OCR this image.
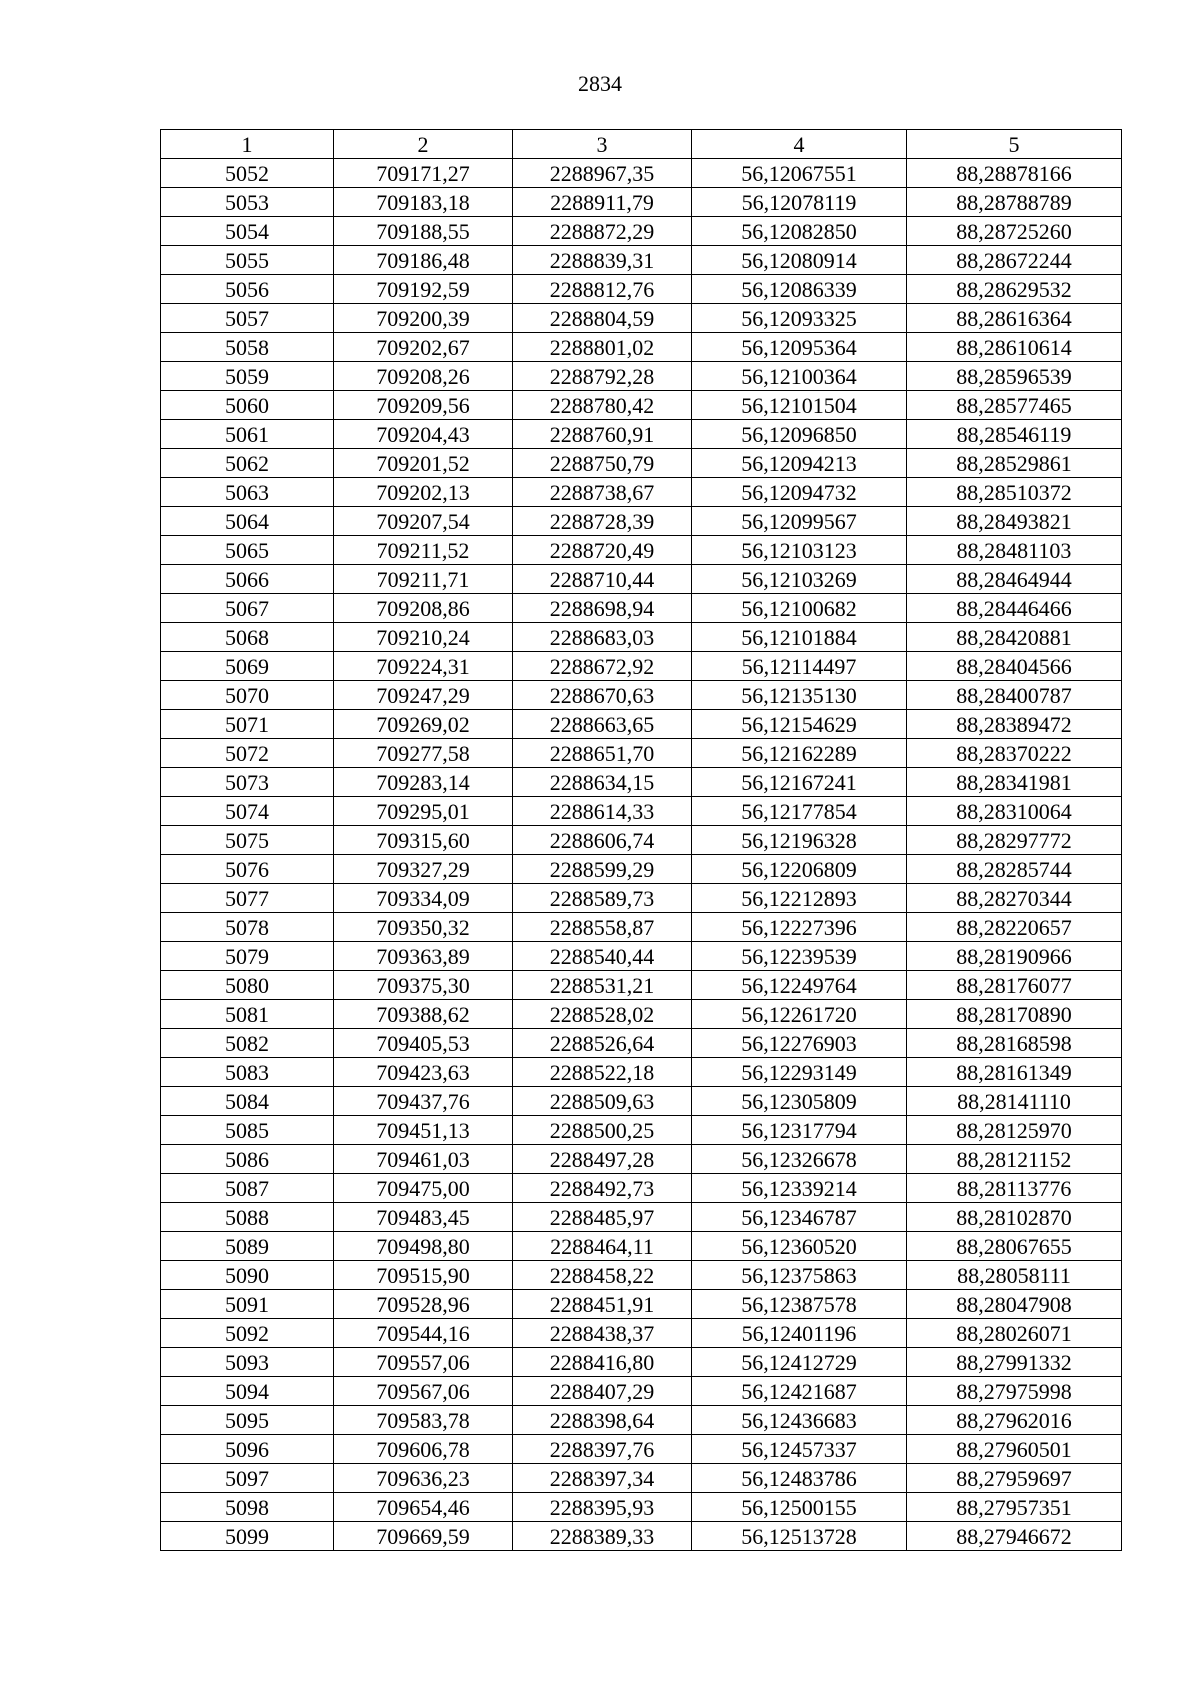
2834
1	2	3	4	5
5052	709171,27	2288967,35	56,12067551	88,28878166
5053	709183,18	2288911,79	56,12078119	88,28788789
5054	709188,55	2288872,29	56,12082850	88,28725260
5055	709186,48	2288839,31	56,12080914	88,28672244
5056	709192,59	2288812,76	56,12086339	88,28629532
5057	709200,39	2288804,59	56,12093325	88,28616364
5058	709202,67	2288801,02	56,12095364	88,28610614
5059	709208,26	2288792,28	56,12100364	88,28596539
5060	709209,56	2288780,42	56,12101504	88,28577465
5061	709204,43	2288760,91	56,12096850	88,28546119
5062	709201,52	2288750,79	56,12094213	88,28529861
5063	709202,13	2288738,67	56,12094732	88,28510372
5064	709207,54	2288728,39	56,12099567	88,28493821
5065	709211,52	2288720,49	56,12103123	88,28481103
5066	709211,71	2288710,44	56,12103269	88,28464944
5067	709208,86	2288698,94	56,12100682	88,28446466
5068	709210,24	2288683,03	56,12101884	88,28420881
5069	709224,31	2288672,92	56,12114497	88,28404566
5070	709247,29	2288670,63	56,12135130	88,28400787
5071	709269,02	2288663,65	56,12154629	88,28389472
5072	709277,58	2288651,70	56,12162289	88,28370222
5073	709283,14	2288634,15	56,12167241	88,28341981
5074	709295,01	2288614,33	56,12177854	88,28310064
5075	709315,60	2288606,74	56,12196328	88,28297772
5076	709327,29	2288599,29	56,12206809	88,28285744
5077	709334,09	2288589,73	56,12212893	88,28270344
5078	709350,32	2288558,87	56,12227396	88,28220657
5079	709363,89	2288540,44	56,12239539	88,28190966
5080	709375,30	2288531,21	56,12249764	88,28176077
5081	709388,62	2288528,02	56,12261720	88,28170890
5082	709405,53	2288526,64	56,12276903	88,28168598
5083	709423,63	2288522,18	56,12293149	88,28161349
5084	709437,76	2288509,63	56,12305809	88,28141110
5085	709451,13	2288500,25	56,12317794	88,28125970
5086	709461,03	2288497,28	56,12326678	88,28121152
5087	709475,00	2288492,73	56,12339214	88,28113776
5088	709483,45	2288485,97	56,12346787	88,28102870
5089	709498,80	2288464,11	56,12360520	88,28067655
5090	709515,90	2288458,22	56,12375863	88,28058111
5091	709528,96	2288451,91	56,12387578	88,28047908
5092	709544,16	2288438,37	56,12401196	88,28026071
5093	709557,06	2288416,80	56,12412729	88,27991332
5094	709567,06	2288407,29	56,12421687	88,27975998
5095	709583,78	2288398,64	56,12436683	88,27962016
5096	709606,78	2288397,76	56,12457337	88,27960501
5097	709636,23	2288397,34	56,12483786	88,27959697
5098	709654,46	2288395,93	56,12500155	88,27957351
5099	709669,59	2288389,33	56,12513728	88,27946672
